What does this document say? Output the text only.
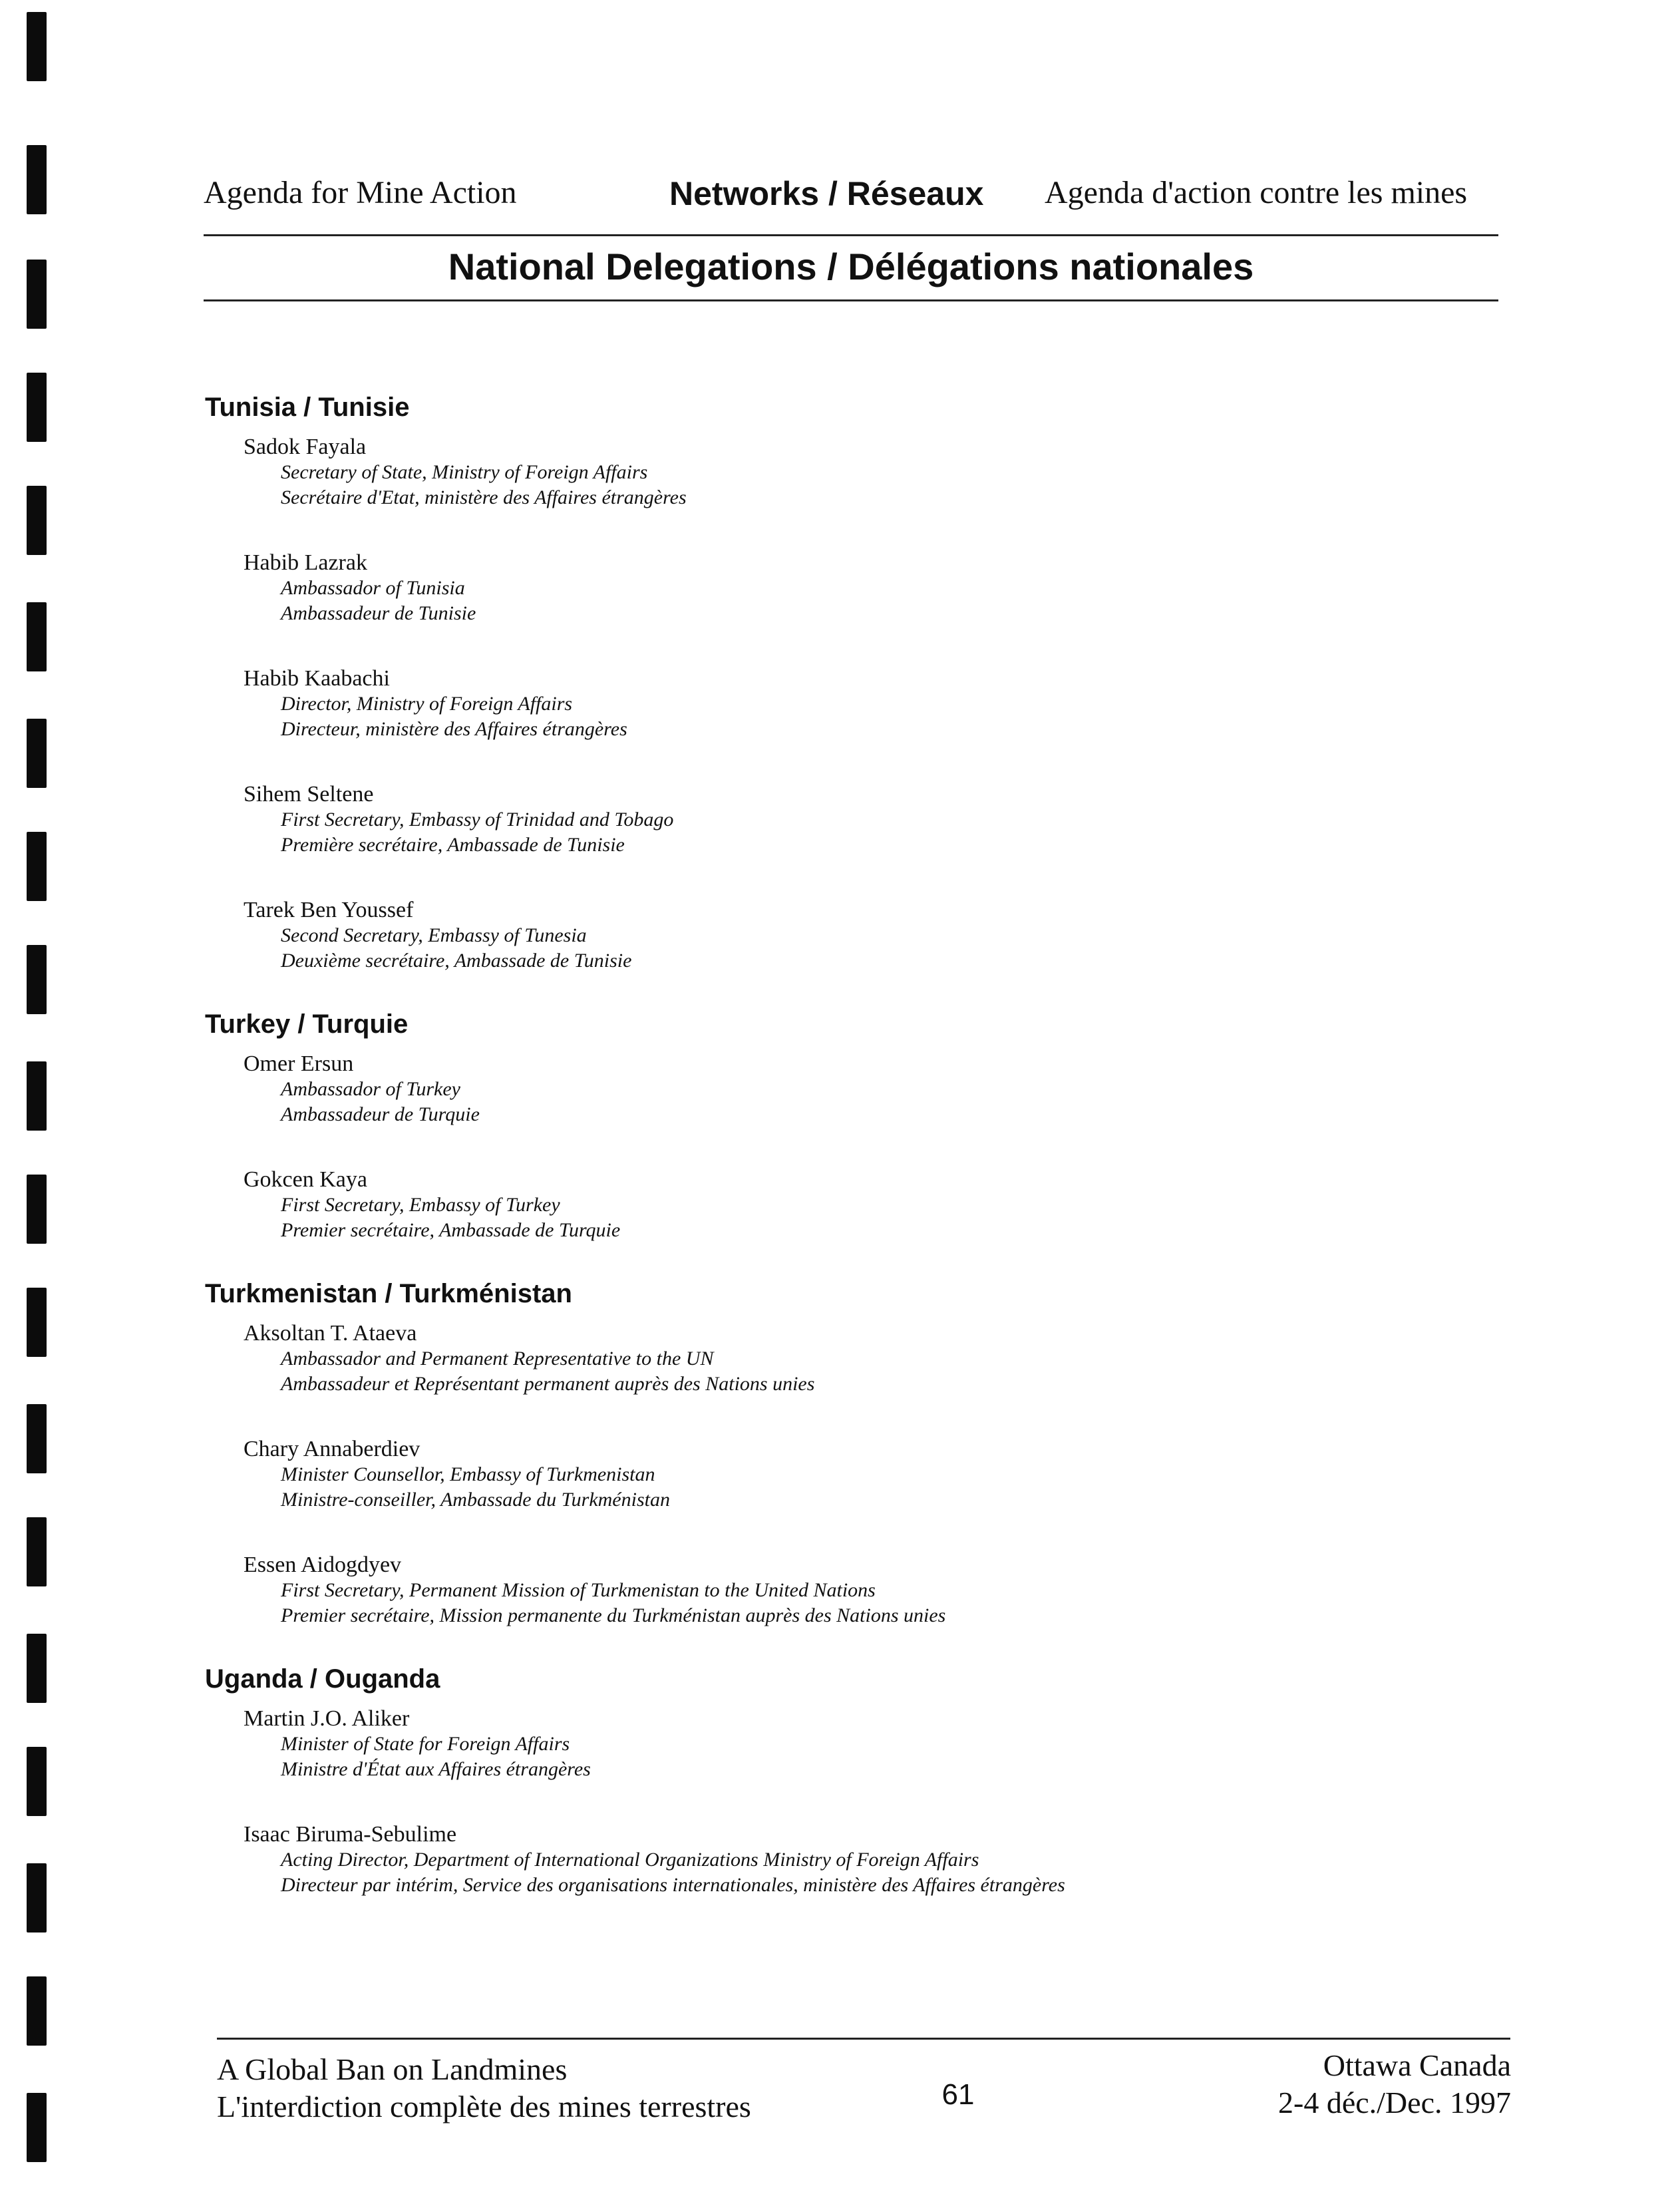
Agenda for Mine Action	Networks / Réseaux Agenda d'action contre les mines
National Delegations / Délégations nationales
Tunisia / Tunisie
Sadok Fayala
Secretary of State, Ministry of Foreign Affairs
Secrétaire d'Etat, ministère des Affaires étrangères
Habib Lazrak
Ambassador of Tunisia
Ambassadeur de Tunisie
Habib Kaabachi
Director, Ministry of Foreign Affairs
Directeur, ministère des Affaires étrangères
Sihem Seltene
First Secretary, Embassy of Trinidad and Tobago
Première secrétaire, Ambassade de Tunisie
Tarek Ben Youssef
Second Secretary, Embassy of Tunesia
Deuxième secrétaire, Ambassade de Tunisie
Turkey / Turquie
Omer Ersun
Ambassador of Turkey
Ambassadeur de Turquie
Gokcen Kaya
First Secretary, Embassy of Turkey
Premier secrétaire, Ambassade de Turquie
Turkmenistan / Turkménistan
Aksoltan T. Ataeva
Ambassador and Permanent Representative to the UN
Ambassadeur et Représentant permanent auprès des Nations unies
Chary Annaberdiev
Minister Counsellor, Embassy of Turkmenistan
Ministre-conseiller, Ambassade du Turkménistan
Essen Aidogdyev
First Secretary, Permanent Mission of Turkmenistan to the United Nations
Premier secrétaire, Mission permanente du Turkménistan auprès des Nations unies
Uganda / Ouganda
Martin J.O. Aliker
Minister of State for Foreign Affairs
Ministre d'État aux Affaires étrangères
Isaac Biruma-Sebulime
Acting Director, Department of International Organizations Ministry of Foreign Affairs
Directeur par intérim, Service des organisations internationales, ministère des Affaires étrangères
A Global Ban on Landmines
L'interdiction complète des mines terrestres	61
Ottawa Canada
2-4 déc./Dec. 1997
